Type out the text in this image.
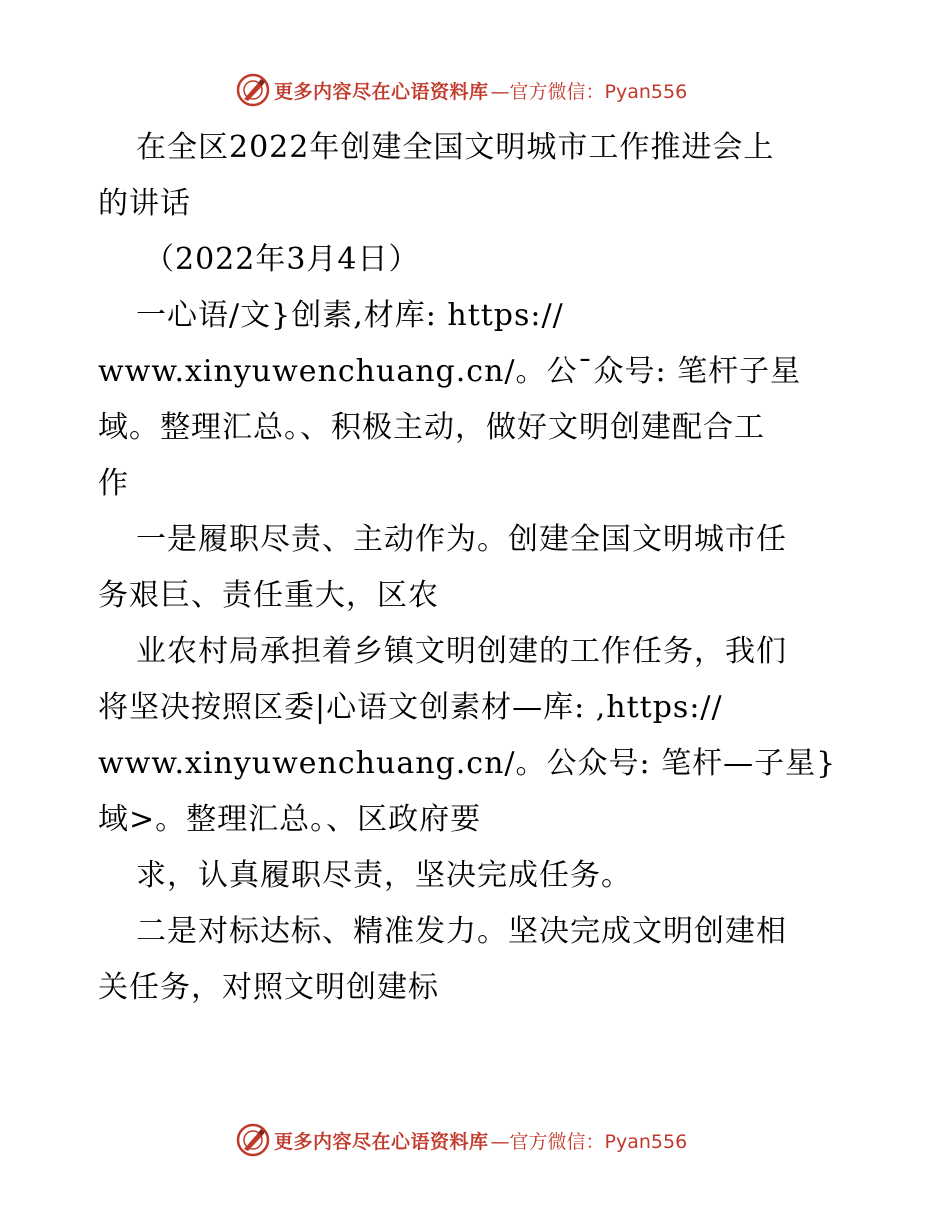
更多内容尽在心语资料库 —官方微信：Pyan556
在全区2022年创建全国文明城市工作推进会上
的讲话
（2022年3月4日）
一心语/文}创素,材库: https://
www.xinyuwenchuang.cn/。公¯众号: 笔杆子星
域。整理汇总。、积极主动，做好文明创建配合工
作
一是履职尽责、主动作为。创建全国文明城市任
务艰巨、责任重大，区农
业农村局承担着乡镇文明创建的工作任务，我们
将坚决按照区委|心语文创素材—库: ,https://
www.xinyuwenchuang.cn/。公众号: 笔杆—子星}
域>。整理汇总。、区政府要
求，认真履职尽责，坚决完成任务。
二是对标达标、精准发力。坚决完成文明创建相
关任务，对照文明创建标
更多内容尽在心语资料库 —官方微信：Pyan556
